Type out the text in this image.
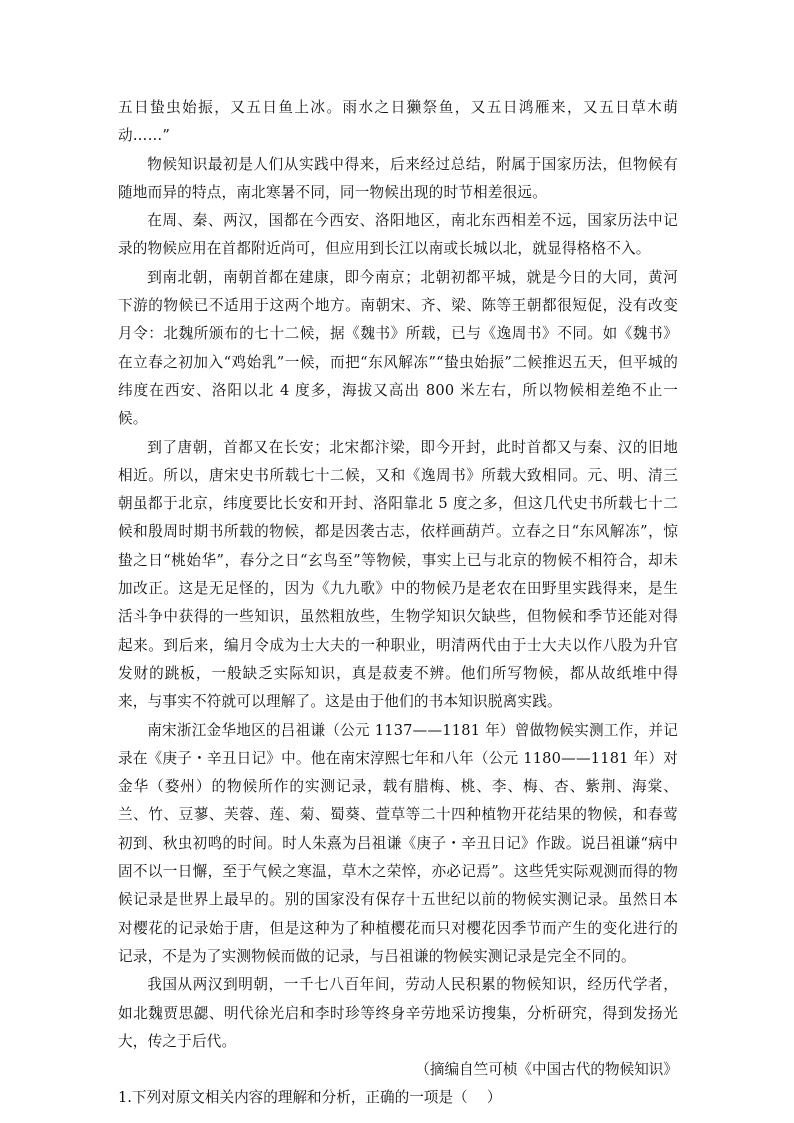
五日蛰虫始振，又五日鱼上冰。雨水之日獭祭鱼，又五日鸿雁来，又五日草木萌动……”

物候知识最初是人们从实践中得来，后来经过总结，附属于国家历法，但物候有随地而异的特点，南北寒暑不同，同一物候出现的时节相差很远。

在周、秦、两汉，国都在今西安、洛阳地区，南北东西相差不远，国家历法中记录的物候应用在首都附近尚可，但应用到长江以南或长城以北，就显得格格不入。

到南北朝，南朝首都在建康，即今南京；北朝初都平城，就是今日的大同，黄河下游的物候已不适用于这两个地方。南朝宋、齐、梁、陈等王朝都很短促，没有改变月令：北魏所颁布的七十二候，据《魏书》所载，已与《逸周书》不同。如《魏书》在立春之初加入“鸡始乳”一候，而把“东风解冻”“蛰虫始振”二候推迟五天，但平城的纬度在西安、洛阳以北 4 度多，海拔又高出 800 米左右，所以物候相差绝不止一候。

到了唐朝，首都又在长安；北宋都汴梁，即今开封，此时首都又与秦、汉的旧地相近。所以，唐宋史书所载七十二候，又和《逸周书》所载大致相同。元、明、清三朝虽都于北京，纬度要比长安和开封、洛阳靠北 5 度之多，但这几代史书所载七十二候和殷周时期书所载的物候，都是因袭古志，依样画葫芦。立春之日“东风解冻”，惊蛰之日“桃始华”，春分之日“玄鸟至”等物候，事实上已与北京的物候不相符合，却未加改正。这是无足怪的，因为《九九歌》中的物候乃是老农在田野里实践得来，是生活斗争中获得的一些知识，虽然粗放些，生物学知识欠缺些，但物候和季节还能对得起来。到后来，编月令成为士大夫的一种职业，明清两代由于士大夫以作八股为升官发财的跳板，一般缺乏实际知识，真是菽麦不辨。他们所写物候，都从故纸堆中得来，与事实不符就可以理解了。这是由于他们的书本知识脱离实践。

南宋浙江金华地区的吕祖谦（公元 1137——1181 年）曾做物候实测工作，并记录在《庚子・辛丑日记》中。他在南宋淳熙七年和八年（公元 1180——1181 年）对金华（婺州）的物候所作的实测记录，载有腊梅、桃、李、梅、杏、紫荆、海棠、兰、竹、豆蓼、芙蓉、莲、菊、蜀葵、萱草等二十四种植物开花结果的物候，和春莺初到、秋虫初鸣的时间。时人朱熹为吕祖谦《庚子・辛丑日记》作跋。说吕祖谦“病中固不以一日懈，至于气候之寒温，草木之荣悴，亦必记焉”。这些凭实际观测而得的物候记录是世界上最早的。别的国家没有保存十五世纪以前的物候实测记录。虽然日本对樱花的记录始于唐，但是这种为了种植樱花而只对樱花因季节而产生的变化进行的记录，不是为了实测物候而做的记录，与吕祖谦的物候实测记录是完全不同的。

我国从两汉到明朝，一千七八百年间，劳动人民积累的物候知识，经历代学者，如北魏贾思勰、明代徐光启和李时珍等终身辛劳地采访搜集，分析研究，得到发扬光大，传之于后代。

（摘编自竺可桢《中国古代的物候知识》

1.下列对原文相关内容的理解和分析，正确的一项是（　 ）
